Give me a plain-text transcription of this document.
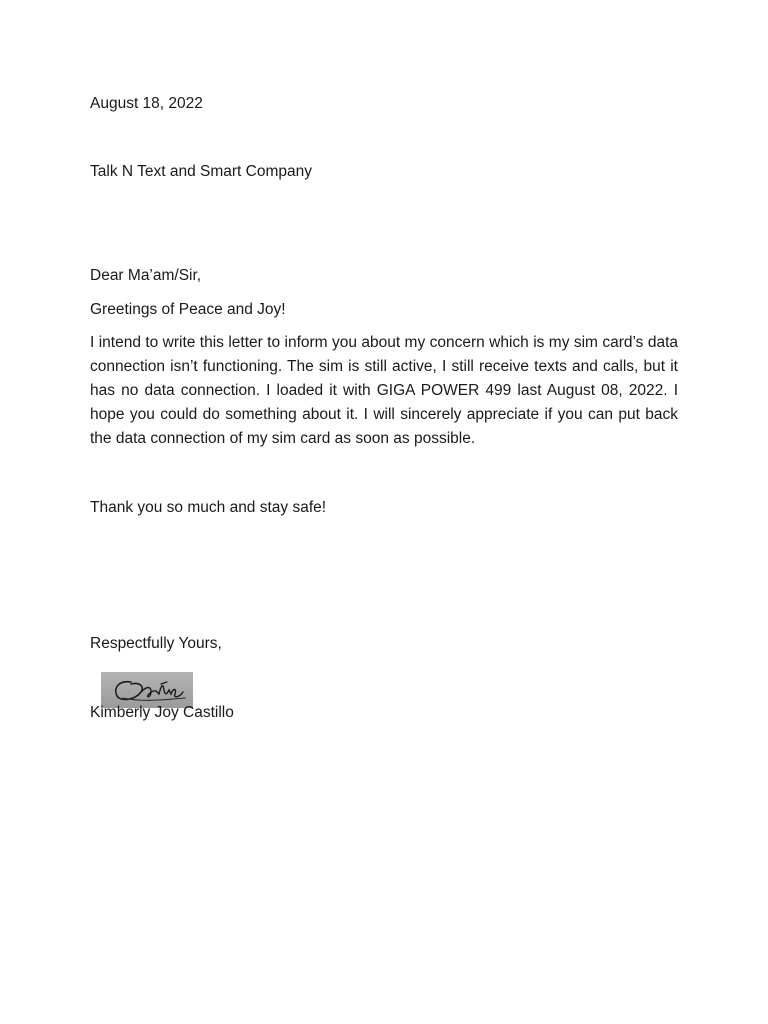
August 18, 2022
Talk N Text and Smart Company
Dear Ma’am/Sir,
Greetings of Peace and Joy!
I intend to write this letter to inform you about my concern which is my sim card’s data connection isn’t functioning. The sim is still active, I still receive texts and calls, but it has no data connection. I loaded it with GIGA POWER 499 last August 08, 2022. I hope you could do something about it. I will sincerely appreciate if you can put back the data connection of my sim card as soon as possible.
Thank you so much and stay safe!
Respectfully Yours,
Kimberly Joy Castillo
